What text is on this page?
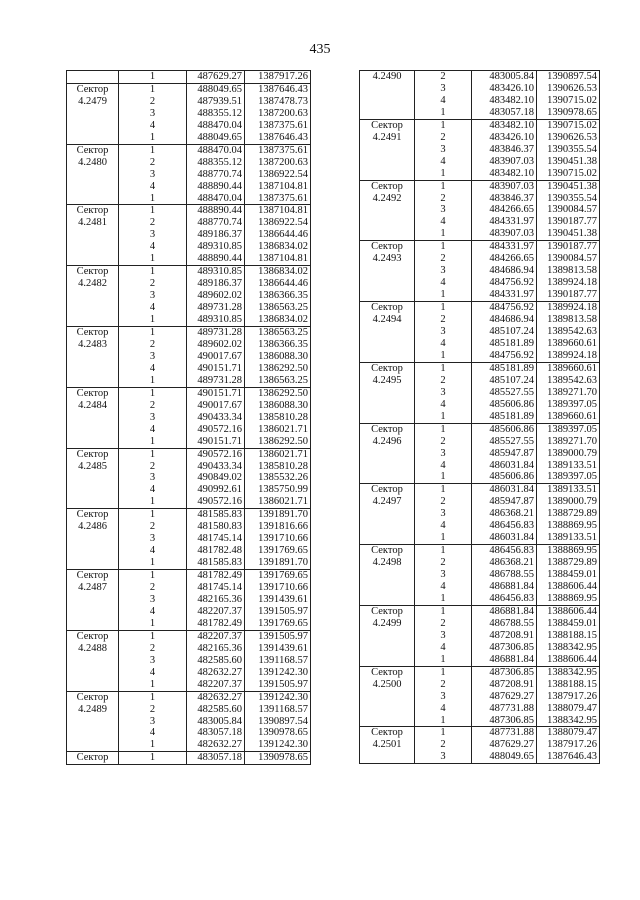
435
	1	487629.27	1387917.26
Сектор	1	488049.65	1387646.43
4.2479	2	487939.51	1387478.73
	3	488355.12	1387200.63
	4	488470.04	1387375.61
	1	488049.65	1387646.43
Сектор	1	488470.04	1387375.61
4.2480	2	488355.12	1387200.63
	3	488770.74	1386922.54
	4	488890.44	1387104.81
	1	488470.04	1387375.61
Сектор	1	488890.44	1387104.81
4.2481	2	488770.74	1386922.54
	3	489186.37	1386644.46
	4	489310.85	1386834.02
	1	488890.44	1387104.81
Сектор	1	489310.85	1386834.02
4.2482	2	489186.37	1386644.46
	3	489602.02	1386366.35
	4	489731.28	1386563.25
	1	489310.85	1386834.02
Сектор	1	489731.28	1386563.25
4.2483	2	489602.02	1386366.35
	3	490017.67	1386088.30
	4	490151.71	1386292.50
	1	489731.28	1386563.25
Сектор	1	490151.71	1386292.50
4.2484	2	490017.67	1386088.30
	3	490433.34	1385810.28
	4	490572.16	1386021.71
	1	490151.71	1386292.50
Сектор	1	490572.16	1386021.71
4.2485	2	490433.34	1385810.28
	3	490849.02	1385532.26
	4	490992.61	1385750.99
	1	490572.16	1386021.71
Сектор	1	481585.83	1391891.70
4.2486	2	481580.83	1391816.66
	3	481745.14	1391710.66
	4	481782.48	1391769.65
	1	481585.83	1391891.70
Сектор	1	481782.49	1391769.65
4.2487	2	481745.14	1391710.66
	3	482165.36	1391439.61
	4	482207.37	1391505.97
	1	481782.49	1391769.65
Сектор	1	482207.37	1391505.97
4.2488	2	482165.36	1391439.61
	3	482585.60	1391168.57
	4	482632.27	1391242.30
	1	482207.37	1391505.97
Сектор	1	482632.27	1391242.30
4.2489	2	482585.60	1391168.57
	3	483005.84	1390897.54
	4	483057.18	1390978.65
	1	482632.27	1391242.30
Сектор	1	483057.18	1390978.65
4.2490	2	483005.84	1390897.54
	3	483426.10	1390626.53
	4	483482.10	1390715.02
	1	483057.18	1390978.65
Сектор	1	483482.10	1390715.02
4.2491	2	483426.10	1390626.53
	3	483846.37	1390355.54
	4	483907.03	1390451.38
	1	483482.10	1390715.02
Сектор	1	483907.03	1390451.38
4.2492	2	483846.37	1390355.54
	3	484266.65	1390084.57
	4	484331.97	1390187.77
	1	483907.03	1390451.38
Сектор	1	484331.97	1390187.77
4.2493	2	484266.65	1390084.57
	3	484686.94	1389813.58
	4	484756.92	1389924.18
	1	484331.97	1390187.77
Сектор	1	484756.92	1389924.18
4.2494	2	484686.94	1389813.58
	3	485107.24	1389542.63
	4	485181.89	1389660.61
	1	484756.92	1389924.18
Сектор	1	485181.89	1389660.61
4.2495	2	485107.24	1389542.63
	3	485527.55	1389271.70
	4	485606.86	1389397.05
	1	485181.89	1389660.61
Сектор	1	485606.86	1389397.05
4.2496	2	485527.55	1389271.70
	3	485947.87	1389000.79
	4	486031.84	1389133.51
	1	485606.86	1389397.05
Сектор	1	486031.84	1389133.51
4.2497	2	485947.87	1389000.79
	3	486368.21	1388729.89
	4	486456.83	1388869.95
	1	486031.84	1389133.51
Сектор	1	486456.83	1388869.95
4.2498	2	486368.21	1388729.89
	3	486788.55	1388459.01
	4	486881.84	1388606.44
	1	486456.83	1388869.95
Сектор	1	486881.84	1388606.44
4.2499	2	486788.55	1388459.01
	3	487208.91	1388188.15
	4	487306.85	1388342.95
	1	486881.84	1388606.44
Сектор	1	487306.85	1388342.95
4.2500	2	487208.91	1388188.15
	3	487629.27	1387917.26
	4	487731.88	1388079.47
	1	487306.85	1388342.95
Сектор	1	487731.88	1388079.47
4.2501	2	487629.27	1387917.26
	3	488049.65	1387646.43
